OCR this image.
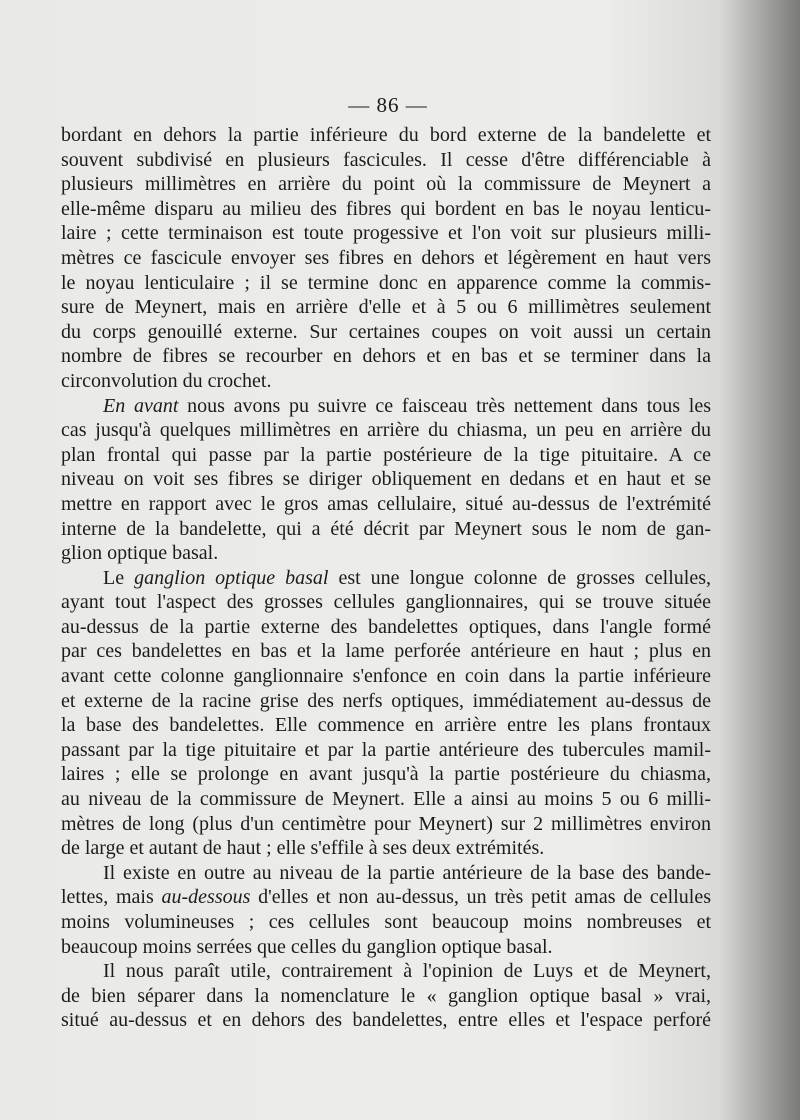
— 86 —
bordant en dehors la partie inférieure du bord externe de la bandelette et
souvent subdivisé en plusieurs fascicules. Il cesse d'être différenciable à
plusieurs millimètres en arrière du point où la commissure de Meynert a
elle-même disparu au milieu des fibres qui bordent en bas le noyau lenticu-
laire ; cette terminaison est toute progessive et l'on voit sur plusieurs milli-
mètres ce fascicule envoyer ses fibres en dehors et légèrement en haut vers
le noyau lenticulaire ; il se termine donc en apparence comme la commis-
sure de Meynert, mais en arrière d'elle et à 5 ou 6 millimètres seulement
du corps genouillé externe. Sur certaines coupes on voit aussi un certain
nombre de fibres se recourber en dehors et en bas et se terminer dans la
circonvolution du crochet.
En avant nous avons pu suivre ce faisceau très nettement dans tous les
cas jusqu'à quelques millimètres en arrière du chiasma, un peu en arrière du
plan frontal qui passe par la partie postérieure de la tige pituitaire. A ce
niveau on voit ses fibres se diriger obliquement en dedans et en haut et se
mettre en rapport avec le gros amas cellulaire, situé au-dessus de l'extrémité
interne de la bandelette, qui a été décrit par Meynert sous le nom de gan-
glion optique basal.
Le ganglion optique basal est une longue colonne de grosses cellules,
ayant tout l'aspect des grosses cellules ganglionnaires, qui se trouve située
au-dessus de la partie externe des bandelettes optiques, dans l'angle formé
par ces bandelettes en bas et la lame perforée antérieure en haut ; plus en
avant cette colonne ganglionnaire s'enfonce en coin dans la partie inférieure
et externe de la racine grise des nerfs optiques, immédiatement au-dessus de
la base des bandelettes. Elle commence en arrière entre les plans frontaux
passant par la tige pituitaire et par la partie antérieure des tubercules mamil-
laires ; elle se prolonge en avant jusqu'à la partie postérieure du chiasma,
au niveau de la commissure de Meynert. Elle a ainsi au moins 5 ou 6 milli-
mètres de long (plus d'un centimètre pour Meynert) sur 2 millimètres environ
de large et autant de haut ; elle s'effile à ses deux extrémités.
Il existe en outre au niveau de la partie antérieure de la base des bande-
lettes, mais au-dessous d'elles et non au-dessus, un très petit amas de cellules
moins volumineuses ; ces cellules sont beaucoup moins nombreuses et
beaucoup moins serrées que celles du ganglion optique basal.
Il nous paraît utile, contrairement à l'opinion de Luys et de Meynert,
de bien séparer dans la nomenclature le « ganglion optique basal » vrai,
situé au-dessus et en dehors des bandelettes, entre elles et l'espace perforé
